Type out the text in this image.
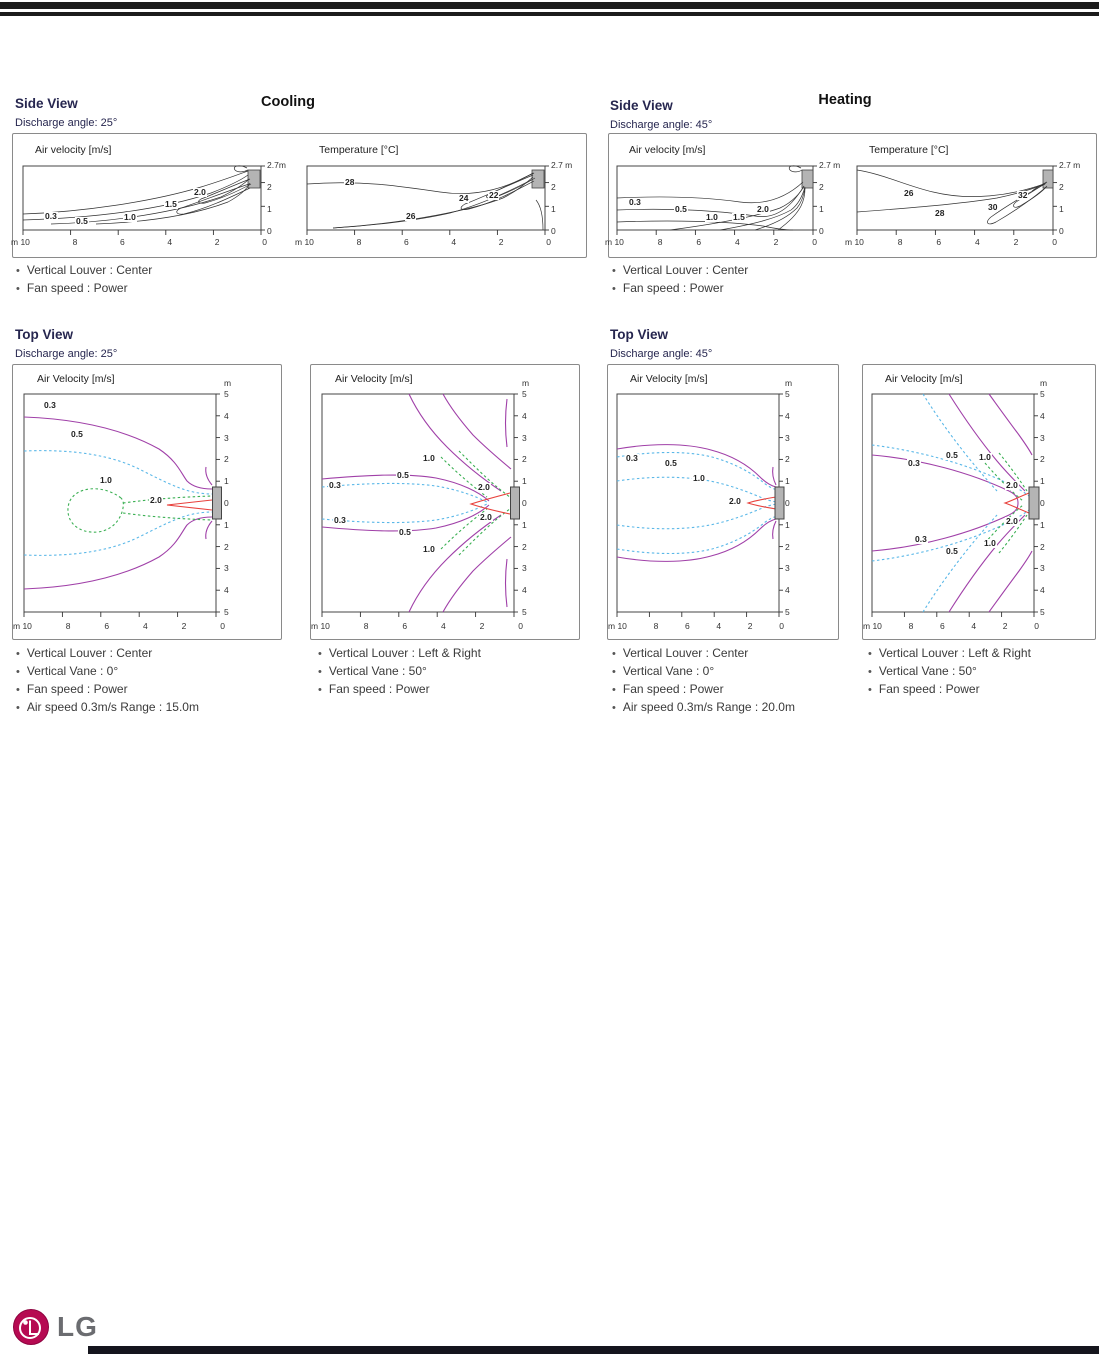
Side View	Cooling
Discharge angle: 25°
Air velocity [m/s]
2.7m
2
1
0
m 10	8	6	4	2	0
0.3 0.5	1.0
1.5
2.0
Temperature [°C]
2.7 m
2
1
0
m 10	8	6	4	2	0
28
26
24 22
• Vertical Louver : Center
• Fan speed : Power
Side View	Heating
Discharge angle: 45°
Air velocity [m/s]
2.7 m
2
1
0
m 10	8	6	4	2	0
0.3
0.5
1.0 1.5
2.0
Temperature [°C]
2.7 m
2
1
0
m 10	8	6	4	2	0
26
28
30
32
• Vertical Louver : Center
• Fan speed : Power
Top View
Discharge angle: 25°
Air Velocity [m/s]	m
5
4
3
2
1
0
1
2
3
4
5
m 10	8	6	4	2	0
0.3
0.5
1.0
2.0
Air Velocity [m/s]	m
5
4
3
2
1
0
1
2
3
4
5
m 10	8	6	4	2	0
0.3
0.3
0.5
0.5
1.0
1.0
2.0
2.0
• Vertical Louver : Center
• Vertical Vane : 0°
• Fan speed : Power
• Air speed 0.3m/s Range : 15.0m
• Vertical Louver : Left & Right
• Vertical Vane : 50°
• Fan speed : Power
Top View
Discharge angle: 45°
Air Velocity [m/s]	m
5
4
3
2
1
0
1
2
3
4
5
m 10	8	6	4	2	0
0.3	0.5
1.0
2.0
Air Velocity [m/s]	m
5
4
3
2
1
0
1
2
3
4
5
m 10	8	6	4	2	0
0.3
0.3
0.5
0.5
1.0
1.0
2.0
2.0
• Vertical Louver : Center
• Vertical Vane : 0°
• Fan speed : Power
• Air speed 0.3m/s Range : 20.0m
• Vertical Louver : Left & Right
• Vertical Vane : 50°
• Fan speed : Power
LG
